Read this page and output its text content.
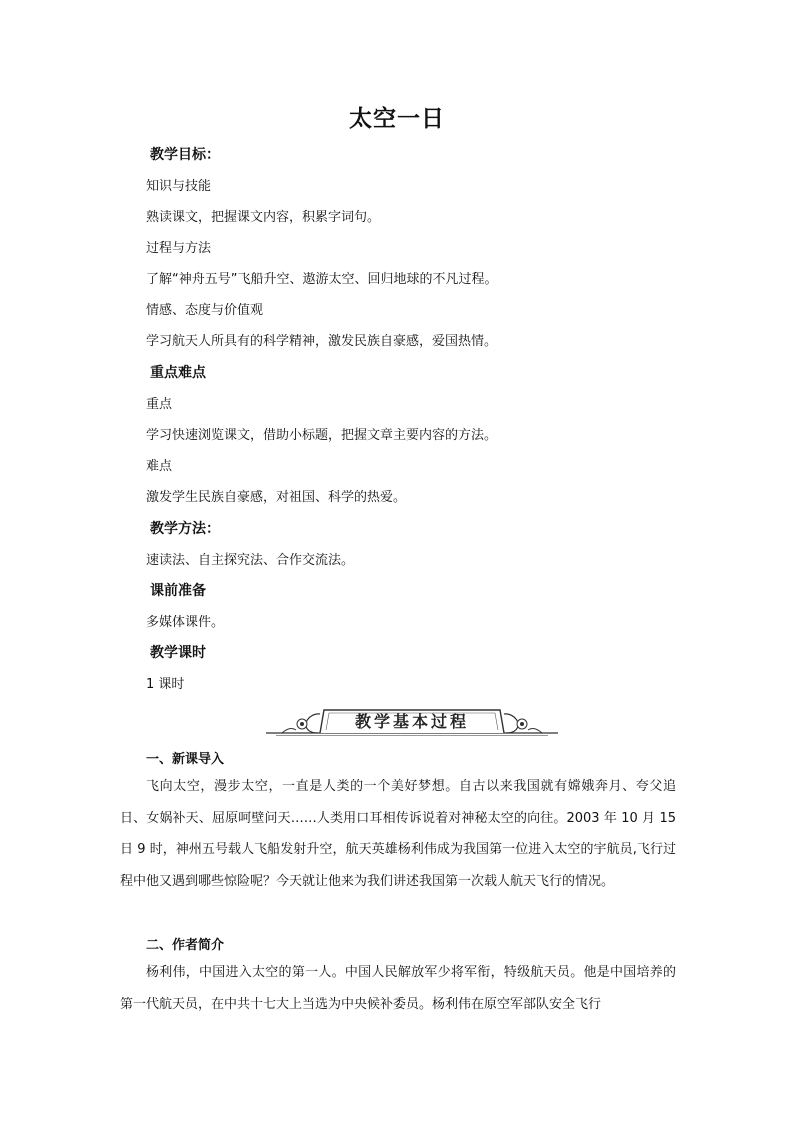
太空一日
教学目标：
知识与技能
熟读课文，把握课文内容，积累字词句。
过程与方法
了解“神舟五号”飞船升空、遨游太空、回归地球的不凡过程。
情感、态度与价值观
学习航天人所具有的科学精神，激发民族自豪感，爱国热情。
重点难点
重点
学习快速浏览课文，借助小标题，把握文章主要内容的方法。
难点
激发学生民族自豪感，对祖国、科学的热爱。
教学方法：
速读法、自主探究法、合作交流法。
课前准备
多媒体课件。
教学课时
1 课时
教学基本过程
一、新课导入

飞向太空，漫步太空，一直是人类的一个美好梦想。自古以来我国就有嫦娥奔月、夸父追日、女娲补天、屈原呵壁问天……人类用口耳相传诉说着对神秘太空的向往。2003 年 10 月 15 日 9 时，神州五号载人飞船发射升空，航天英雄杨利伟成为我国第一位进入太空的宇航员,飞行过程中他又遇到哪些惊险呢？今天就让他来为我们讲述我国第一次载人航天飞行的情况。

二、作者简介

杨利伟，中国进入太空的第一人。中国人民解放军少将军衔，特级航天员。他是中国培养的第一代航天员，在中共十七大上当选为中央候补委员。杨利伟在原空军部队安全飞行
